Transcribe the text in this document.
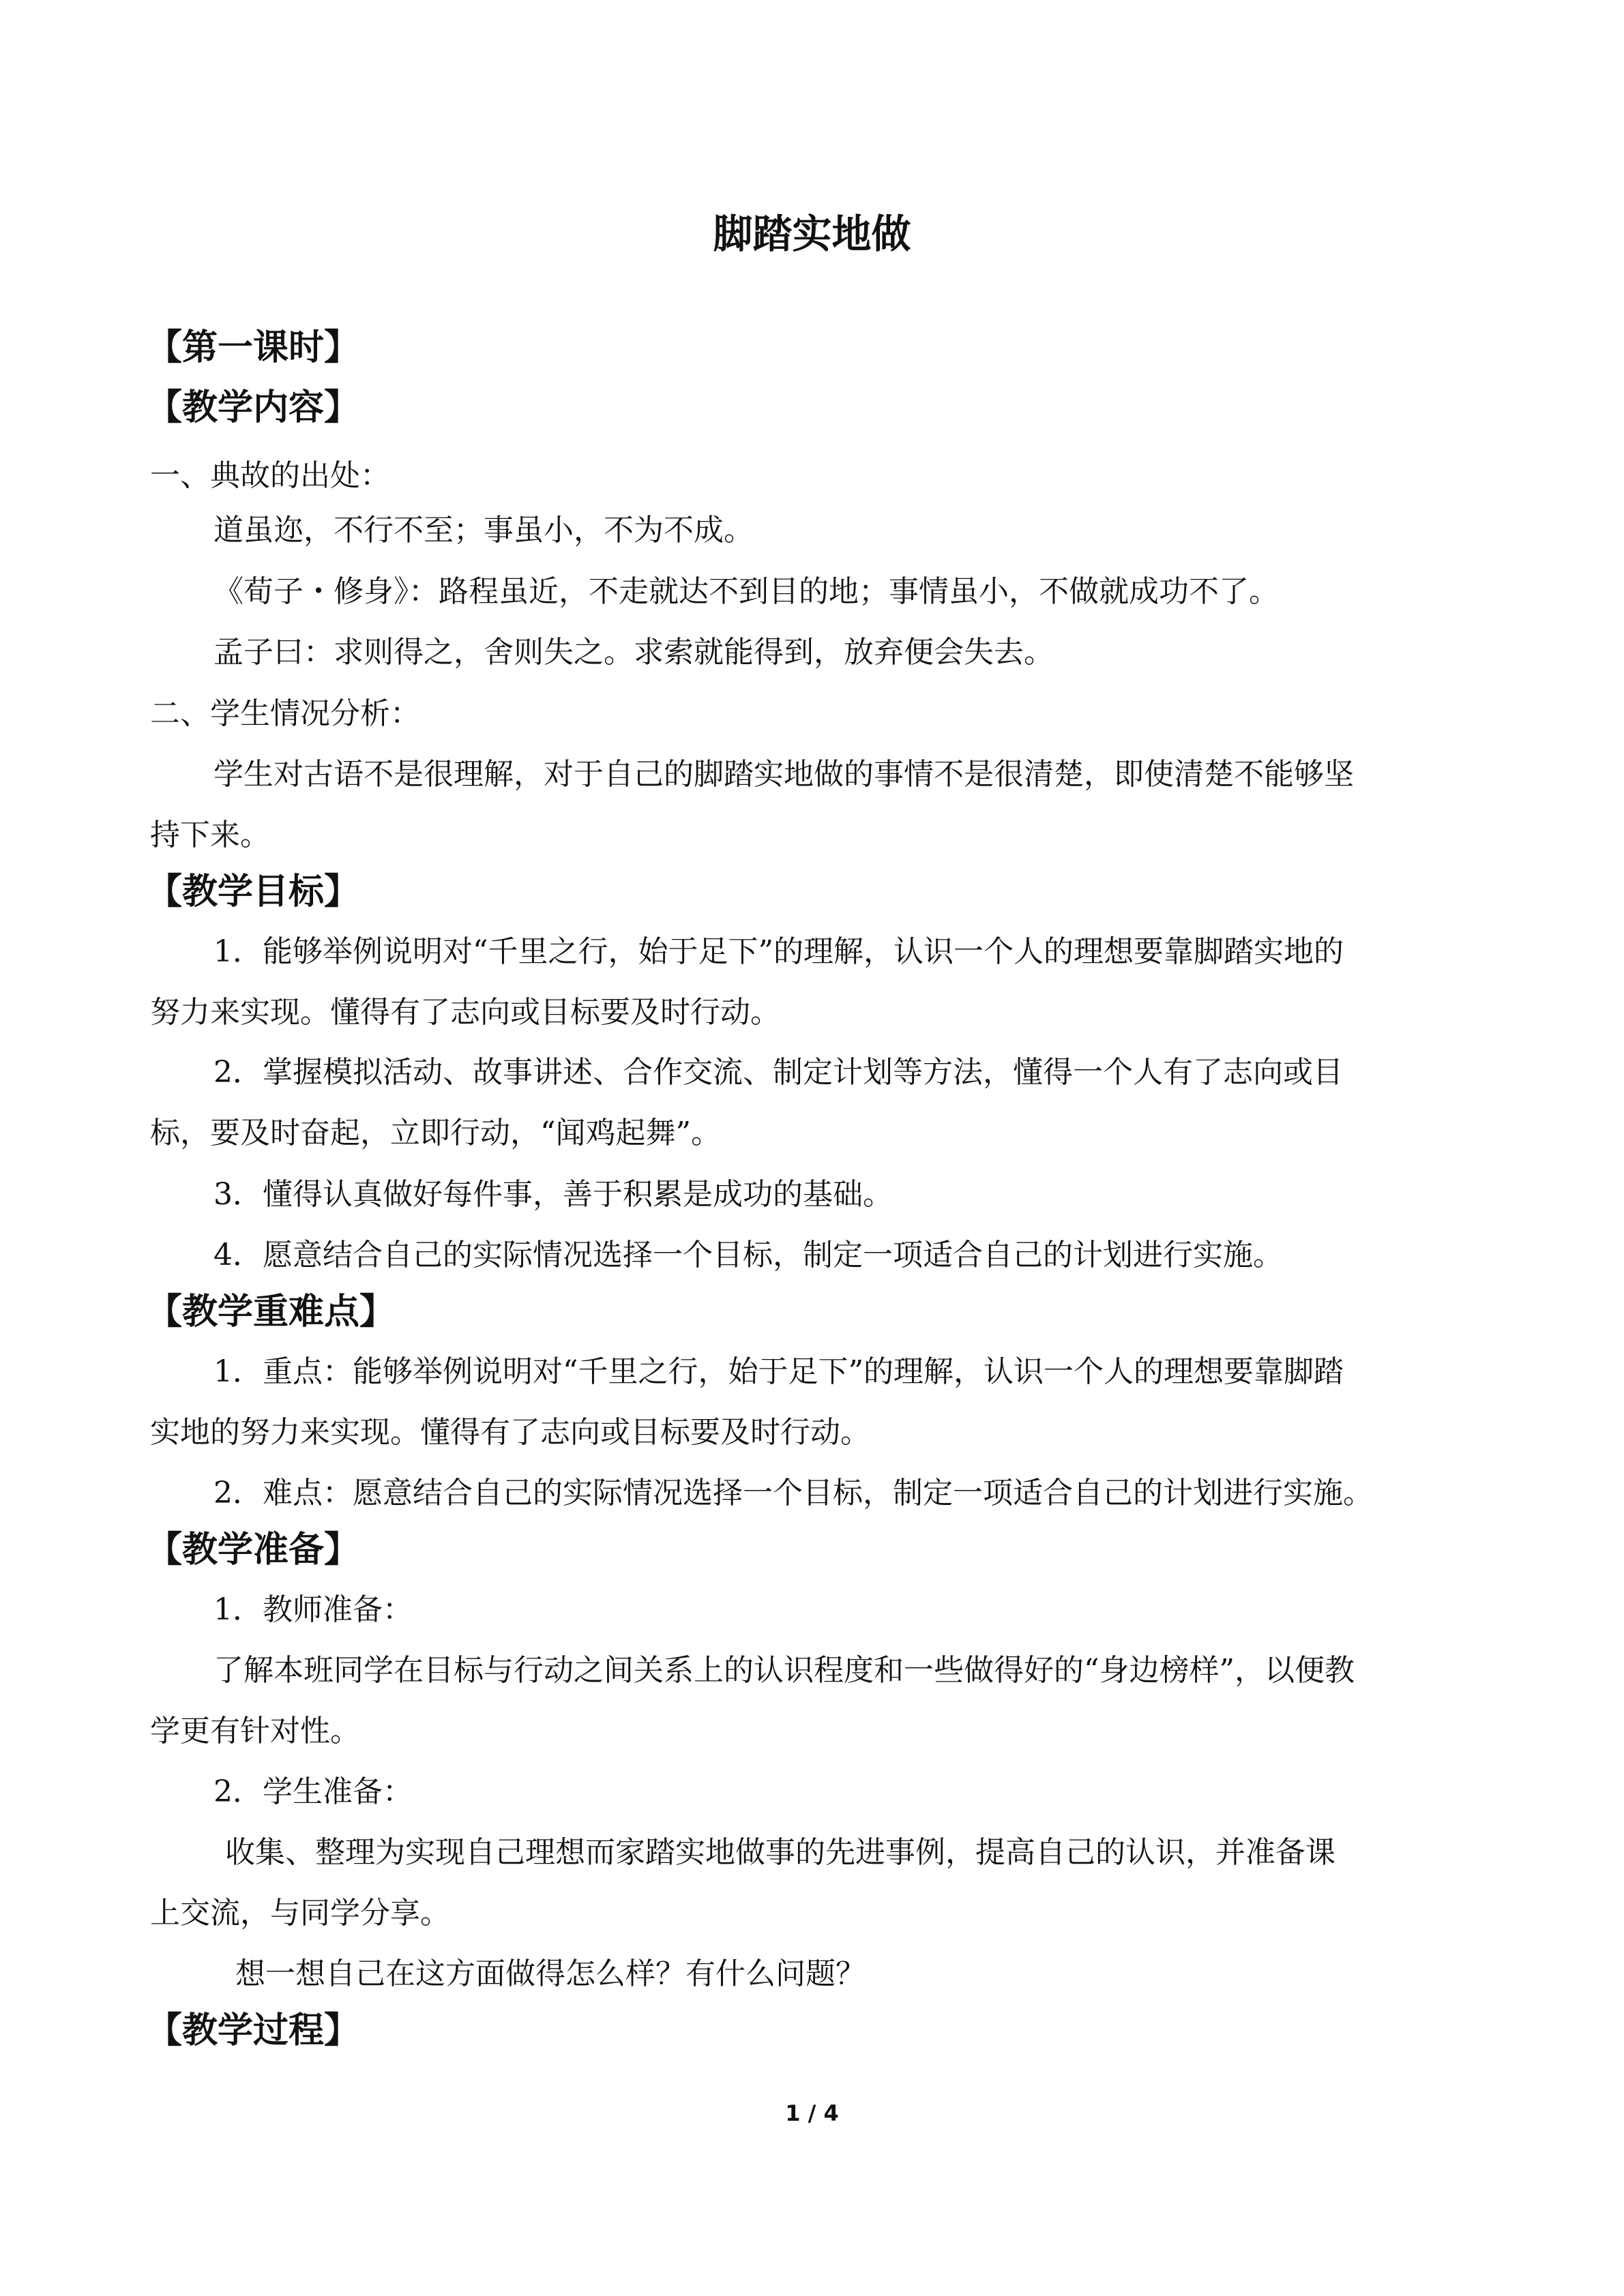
脚踏实地做
【第一课时】
【教学内容】
一、典故的出处：
道虽迩，不行不至；事虽小，不为不成。
《荀子・修身》：路程虽近，不走就达不到目的地；事情虽小，不做就成功不了。
孟子曰：求则得之，舍则失之。求索就能得到，放弃便会失去。
二、学生情况分析：
学生对古语不是很理解，对于自己的脚踏实地做的事情不是很清楚，即使清楚不能够坚
持下来。
【教学目标】
1．能够举例说明对“千里之行，始于足下”的理解，认识一个人的理想要靠脚踏实地的
努力来实现。懂得有了志向或目标要及时行动。
2．掌握模拟活动、故事讲述、合作交流、制定计划等方法，懂得一个人有了志向或目
标，要及时奋起，立即行动，“闻鸡起舞”。
3．懂得认真做好每件事，善于积累是成功的基础。
4．愿意结合自己的实际情况选择一个目标，制定一项适合自己的计划进行实施。
【教学重难点】
1．重点：能够举例说明对“千里之行，始于足下”的理解，认识一个人的理想要靠脚踏
实地的努力来实现。懂得有了志向或目标要及时行动。
2．难点：愿意结合自己的实际情况选择一个目标，制定一项适合自己的计划进行实施。
【教学准备】
1．教师准备：
了解本班同学在目标与行动之间关系上的认识程度和一些做得好的“身边榜样”，以便教
学更有针对性。
2．学生准备：
收集、整理为实现自己理想而家踏实地做事的先进事例，提高自己的认识，并准备课
上交流，与同学分享。
想一想自己在这方面做得怎么样？有什么问题？
【教学过程】
1 / 4
